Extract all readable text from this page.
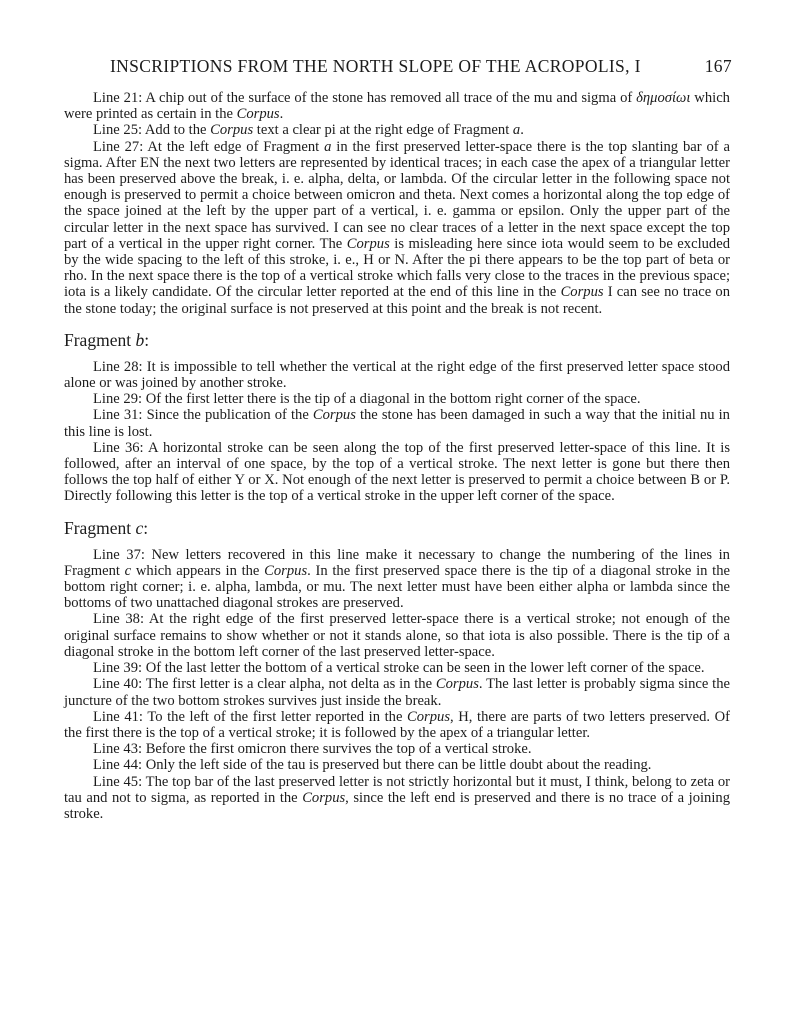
INSCRIPTIONS FROM THE NORTH SLOPE OF THE ACROPOLIS, I	167

Line 21: A chip out of the surface of the stone has removed all trace of the mu and sigma of δημοσίωι which were printed as certain in the Corpus.

Line 25: Add to the Corpus text a clear pi at the right edge of Fragment a.

Line 27: At the left edge of Fragment a in the first preserved letter-space there is the top slanting bar of a sigma. After EN the next two letters are represented by identical traces; in each case the apex of a triangular letter has been preserved above the break, i. e. alpha, delta, or lambda. Of the circular letter in the following space not enough is preserved to permit a choice between omicron and theta. Next comes a horizontal along the top edge of the space joined at the left by the upper part of a vertical, i. e. gamma or epsilon. Only the upper part of the circular letter in the next space has survived. I can see no clear traces of a letter in the next space except the top part of a vertical in the upper right corner. The Corpus is misleading here since iota would seem to be excluded by the wide spacing to the left of this stroke, i. e., H or N. After the pi there appears to be the top part of beta or rho. In the next space there is the top of a vertical stroke which falls very close to the traces in the previous space; iota is a likely candidate. Of the circular letter reported at the end of this line in the Corpus I can see no trace on the stone today; the original surface is not preserved at this point and the break is not recent.

Fragment b:

Line 28: It is impossible to tell whether the vertical at the right edge of the first preserved letter space stood alone or was joined by another stroke.

Line 29: Of the first letter there is the tip of a diagonal in the bottom right corner of the space.

Line 31: Since the publication of the Corpus the stone has been damaged in such a way that the initial nu in this line is lost.

Line 36: A horizontal stroke can be seen along the top of the first preserved letter-space of this line. It is followed, after an interval of one space, by the top of a vertical stroke. The next letter is gone but there then follows the top half of either Y or X. Not enough of the next letter is preserved to permit a choice between B or P. Directly following this letter is the top of a vertical stroke in the upper left corner of the space.

Fragment c:

Line 37: New letters recovered in this line make it necessary to change the numbering of the lines in Fragment c which appears in the Corpus. In the first preserved space there is the tip of a diagonal stroke in the bottom right corner; i. e. alpha, lambda, or mu. The next letter must have been either alpha or lambda since the bottoms of two unattached diagonal strokes are preserved.

Line 38: At the right edge of the first preserved letter-space there is a vertical stroke; not enough of the original surface remains to show whether or not it stands alone, so that iota is also possible. There is the tip of a diagonal stroke in the bottom left corner of the last preserved letter-space.

Line 39: Of the last letter the bottom of a vertical stroke can be seen in the lower left corner of the space.

Line 40: The first letter is a clear alpha, not delta as in the Corpus. The last letter is probably sigma since the juncture of the two bottom strokes survives just inside the break.

Line 41: To the left of the first letter reported in the Corpus, H, there are parts of two letters preserved. Of the first there is the top of a vertical stroke; it is followed by the apex of a triangular letter.

Line 43: Before the first omicron there survives the top of a vertical stroke.

Line 44: Only the left side of the tau is preserved but there can be little doubt about the reading.

Line 45: The top bar of the last preserved letter is not strictly horizontal but it must, I think, belong to zeta or tau and not to sigma, as reported in the Corpus, since the left end is preserved and there is no trace of a joining stroke.
